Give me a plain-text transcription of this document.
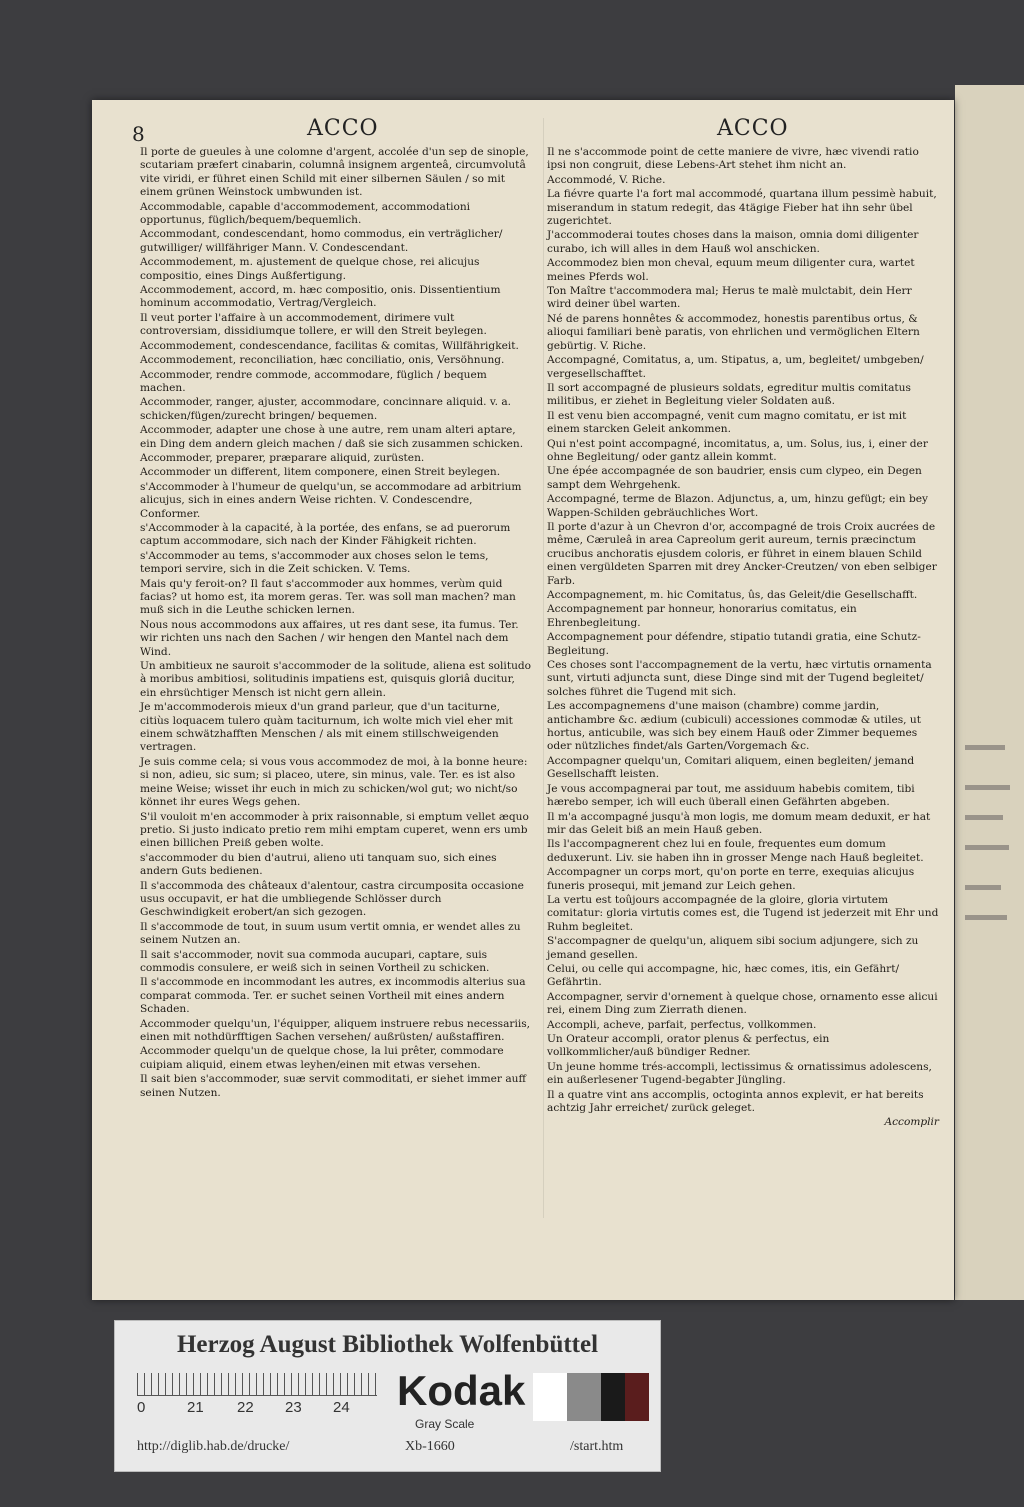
8	ACCO	ACCO

Il porte de gueules à une colomne d'argent, accolée d'un sep de sinople, scutariam præfert cinabarin, columnâ insignem argenteâ, circumvolutâ vite viridi, er führet einen Schild mit einer silbernen Säulen / so mit einem grünen Weinstock umbwunden ist.

Accommodable, capable d'accommodement, accommodationi opportunus, füglich/bequem/bequemlich.

Accommodant, condescendant, homo commodus, ein verträglicher/ gutwilliger/ willfähriger Mann. V. Condescendant.

Accommodement, m. ajustement de quelque chose, rei alicujus compositio, eines Dings Außfertigung.

Accommodement, accord, m. hæc compositio, onis. Dissentientium hominum accommodatio, Vertrag/Vergleich.

Il veut porter l'affaire à un accommodement, dirimere vult controversiam, dissidiumque tollere, er will den Streit beylegen.

Accommodement, condescendance, facilitas & comitas, Willfährigkeit.

Accommodement, reconciliation, hæc conciliatio, onis, Versöhnung.

Accommoder, rendre commode, accommodare, füglich / bequem machen.

Accommoder, ranger, ajuster, accommodare, concinnare aliquid. v. a. schicken/fügen/zurecht bringen/ bequemen.

Accommoder, adapter une chose à une autre, rem unam alteri aptare, ein Ding dem andern gleich machen / daß sie sich zusammen schicken.

Accommoder, preparer, præparare aliquid, zurüsten.

Accommoder un different, litem componere, einen Streit beylegen.

s'Accommoder à l'humeur de quelqu'un, se accommodare ad arbitrium alicujus, sich in eines andern Weise richten. V. Condescendre, Conformer.

s'Accommoder à la capacité, à la portée, des enfans, se ad puerorum captum accommodare, sich nach der Kinder Fähigkeit richten.

s'Accommoder au tems, s'accommoder aux choses selon le tems, tempori servire, sich in die Zeit schicken. V. Tems.

Mais qu'y feroit-on? Il faut s'accommoder aux hommes, verùm quid facias? ut homo est, ita morem geras. Ter. was soll man machen? man muß sich in die Leuthe schicken lernen.

Nous nous accommodons aux affaires, ut res dant sese, ita fumus. Ter. wir richten uns nach den Sachen / wir hengen den Mantel nach dem Wind.

Un ambitieux ne sauroit s'accommoder de la solitude, aliena est solitudo à moribus ambitiosi, solitudinis impatiens est, quisquis gloriâ ducitur, ein ehrsüchtiger Mensch ist nicht gern allein.

Je m'accommoderois mieux d'un grand parleur, que d'un taciturne, citiùs loquacem tulero quàm taciturnum, ich wolte mich viel eher mit einem schwätzhafften Menschen / als mit einem stillschweigenden vertragen.

Je suis comme cela; si vous vous accommodez de moi, à la bonne heure: si non, adieu, sic sum; si placeo, utere, sin minus, vale. Ter. es ist also meine Weise; wisset ihr euch in mich zu schicken/wol gut; wo nicht/so könnet ihr eures Wegs gehen.

S'il vouloit m'en accommoder à prix raisonnable, si emptum vellet æquo pretio. Si justo indicato pretio rem mihi emptam cuperet, wenn ers umb einen billichen Preiß geben wolte.

s'accommoder du bien d'autrui, alieno uti tanquam suo, sich eines andern Guts bedienen.

Il s'accommoda des châteaux d'alentour, castra circumposita occasione usus occupavit, er hat die umbliegende Schlösser durch Geschwindigkeit erobert/an sich gezogen.

Il s'accommode de tout, in suum usum vertit omnia, er wendet alles zu seinem Nutzen an.

Il sait s'accommoder, novit sua commoda aucupari, captare, suis commodis consulere, er weiß sich in seinen Vortheil zu schicken.

Il s'accommode en incommodant les autres, ex incommodis alterius sua comparat commoda. Ter. er suchet seinen Vortheil mit eines andern Schaden.

Accommoder quelqu'un, l'équipper, aliquem instruere rebus necessariis, einen mit nothdürfftigen Sachen versehen/ außrüsten/ außstaffiren.

Accommoder quelqu'un de quelque chose, la lui prêter, commodare cuipiam aliquid, einem etwas leyhen/einen mit etwas versehen.

Il sait bien s'accommoder, suæ servit commoditati, er siehet immer auff seinen Nutzen.

Il ne s'accommode point de cette maniere de vivre, hæc vivendi ratio ipsi non congruit, diese Lebens-Art stehet ihm nicht an.

Accommodé, V. Riche.

La fiévre quarte l'a fort mal accommodé, quartana illum pessimè habuit, miserandum in statum redegit, das 4tägige Fieber hat ihn sehr übel zugerichtet.

J'accommoderai toutes choses dans la maison, omnia domi diligenter curabo, ich will alles in dem Hauß wol anschicken.

Accommodez bien mon cheval, equum meum diligenter cura, wartet meines Pferds wol.

Ton Maître t'accommodera mal; Herus te malè mulctabit, dein Herr wird deiner übel warten.

Né de parens honnêtes & accommodez, honestis parentibus ortus, & alioqui familiari benè paratis, von ehrlichen und vermöglichen Eltern gebürtig. V. Riche.

Accompagné, Comitatus, a, um. Stipatus, a, um, begleitet/ umbgeben/ vergesellschafftet.

Il sort accompagné de plusieurs soldats, egreditur multis comitatus militibus, er ziehet in Begleitung vieler Soldaten auß.

Il est venu bien accompagné, venit cum magno comitatu, er ist mit einem starcken Geleit ankommen.

Qui n'est point accompagné, incomitatus, a, um. Solus, ius, i, einer der ohne Begleitung/ oder gantz allein kommt.

Une épée accompagnée de son baudrier, ensis cum clypeo, ein Degen sampt dem Wehrgehenk.

Accompagné, terme de Blazon. Adjunctus, a, um, hinzu gefügt; ein bey Wappen-Schilden gebräuchliches Wort.

Il porte d'azur à un Chevron d'or, accompagné de trois Croix aucrées de même, Cæruleâ in area Capreolum gerit aureum, ternis præcinctum crucibus anchoratis ejusdem coloris, er führet in einem blauen Schild einen vergüldeten Sparren mit drey Ancker-Creutzen/ von eben selbiger Farb.

Accompagnement, m. hic Comitatus, ûs, das Geleit/die Gesellschafft.

Accompagnement par honneur, honorarius comitatus, ein Ehrenbegleitung.

Accompagnement pour défendre, stipatio tutandi gratia, eine Schutz-Begleitung.

Ces choses sont l'accompagnement de la vertu, hæc virtutis ornamenta sunt, virtuti adjuncta sunt, diese Dinge sind mit der Tugend begleitet/ solches führet die Tugend mit sich.

Les accompagnemens d'une maison (chambre) comme jardin, antichambre &c. ædium (cubiculi) accessiones commodæ & utiles, ut hortus, anticubile, was sich bey einem Hauß oder Zimmer bequemes oder nützliches findet/als Garten/Vorgemach &c.

Accompagner quelqu'un, Comitari aliquem, einen begleiten/ jemand Gesellschafft leisten.

Je vous accompagnerai par tout, me assiduum habebis comitem, tibi hærebo semper, ich will euch überall einen Gefährten abgeben.

Il m'a accompagné jusqu'à mon logis, me domum meam deduxit, er hat mir das Geleit biß an mein Hauß geben.

Ils l'accompagnerent chez lui en foule, frequentes eum domum deduxerunt. Liv. sie haben ihn in grosser Menge nach Hauß begleitet.

Accompagner un corps mort, qu'on porte en terre, exequias alicujus funeris prosequi, mit jemand zur Leich gehen.

La vertu est toûjours accompagnée de la gloire, gloria virtutem comitatur: gloria virtutis comes est, die Tugend ist jederzeit mit Ehr und Ruhm begleitet.

S'accompagner de quelqu'un, aliquem sibi socium adjungere, sich zu jemand gesellen.

Celui, ou celle qui accompagne, hic, hæc comes, itis, ein Gefährt/ Gefährtin.

Accompagner, servir d'ornement à quelque chose, ornamento esse alicui rei, einem Ding zum Zierrath dienen.

Accompli, acheve, parfait, perfectus, vollkommen.

Un Orateur accompli, orator plenus & perfectus, ein vollkommlicher/auß bündiger Redner.

Un jeune homme trés-accompli, lectissimus & ornatissimus adolescens, ein außerlesener Tugend-begabter Jüngling.

Il a quatre vint ans accomplis, octoginta annos explevit, er hat bereits achtzig Jahr erreichet/ zurück geleget.

Accomplir

Herzog August Bibliothek Wolfenbüttel
0	21 22 23 24 Kodak
Gray Scale
http://diglib.hab.de/drucke/	Xb-1660	/start.htm
